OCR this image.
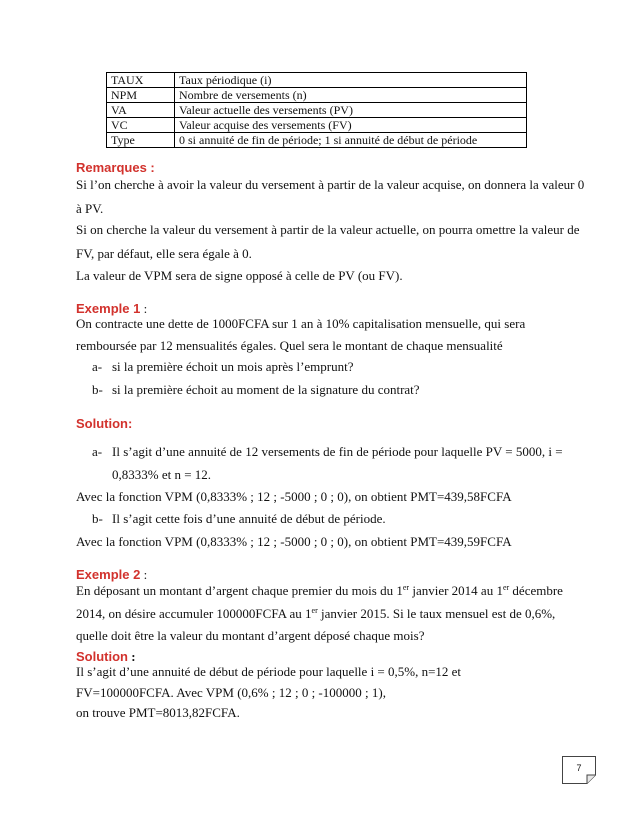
TAUX	Taux périodique (i)
NPM	Nombre de versements (n)
VA	Valeur actuelle des versements (PV)
VC	Valeur acquise des versements (FV)
Type	0 si annuité de fin de période; 1 si annuité de début de période
Remarques :
Si l’on cherche à avoir la valeur du versement à partir de la valeur acquise, on donnera la valeur 0
à PV.
Si on cherche la valeur du versement à partir de la valeur actuelle, on pourra omettre la valeur de
FV, par défaut, elle sera égale à 0.
La valeur de VPM sera de signe opposé à celle de PV (ou FV).
Exemple 1 :
On contracte une dette de 1000FCFA sur 1 an à 10% capitalisation mensuelle, qui sera
remboursée par 12 mensualités égales. Quel sera le montant de chaque mensualité
a- si la première échoit un mois après l’emprunt?
b- si la première échoit au moment de la signature du contrat?
Solution:
a- Il s’agit d’une annuité de 12 versements de fin de période pour laquelle PV = 5000, i =
0,8333% et n = 12.
Avec la fonction VPM (0,8333% ; 12 ; -5000 ; 0 ; 0), on obtient PMT=439,58FCFA
b- Il s’agit cette fois d’une annuité de début de période.
Avec la fonction VPM (0,8333% ; 12 ; -5000 ; 0 ; 0), on obtient PMT=439,59FCFA
Exemple 2 :
En déposant un montant d’argent chaque premier du mois du 1er janvier 2014 au 1er décembre
2014, on désire accumuler 100000FCFA au 1er janvier 2015. Si le taux mensuel est de 0,6%,
quelle doit être la valeur du montant d’argent déposé chaque mois?
Solution :
Il s’agit d’une annuité de début de période pour laquelle i = 0,5%, n=12 et
FV=100000FCFA. Avec VPM (0,6% ; 12 ; 0 ; -100000 ; 1),
on trouve PMT=8013,82FCFA.
7
